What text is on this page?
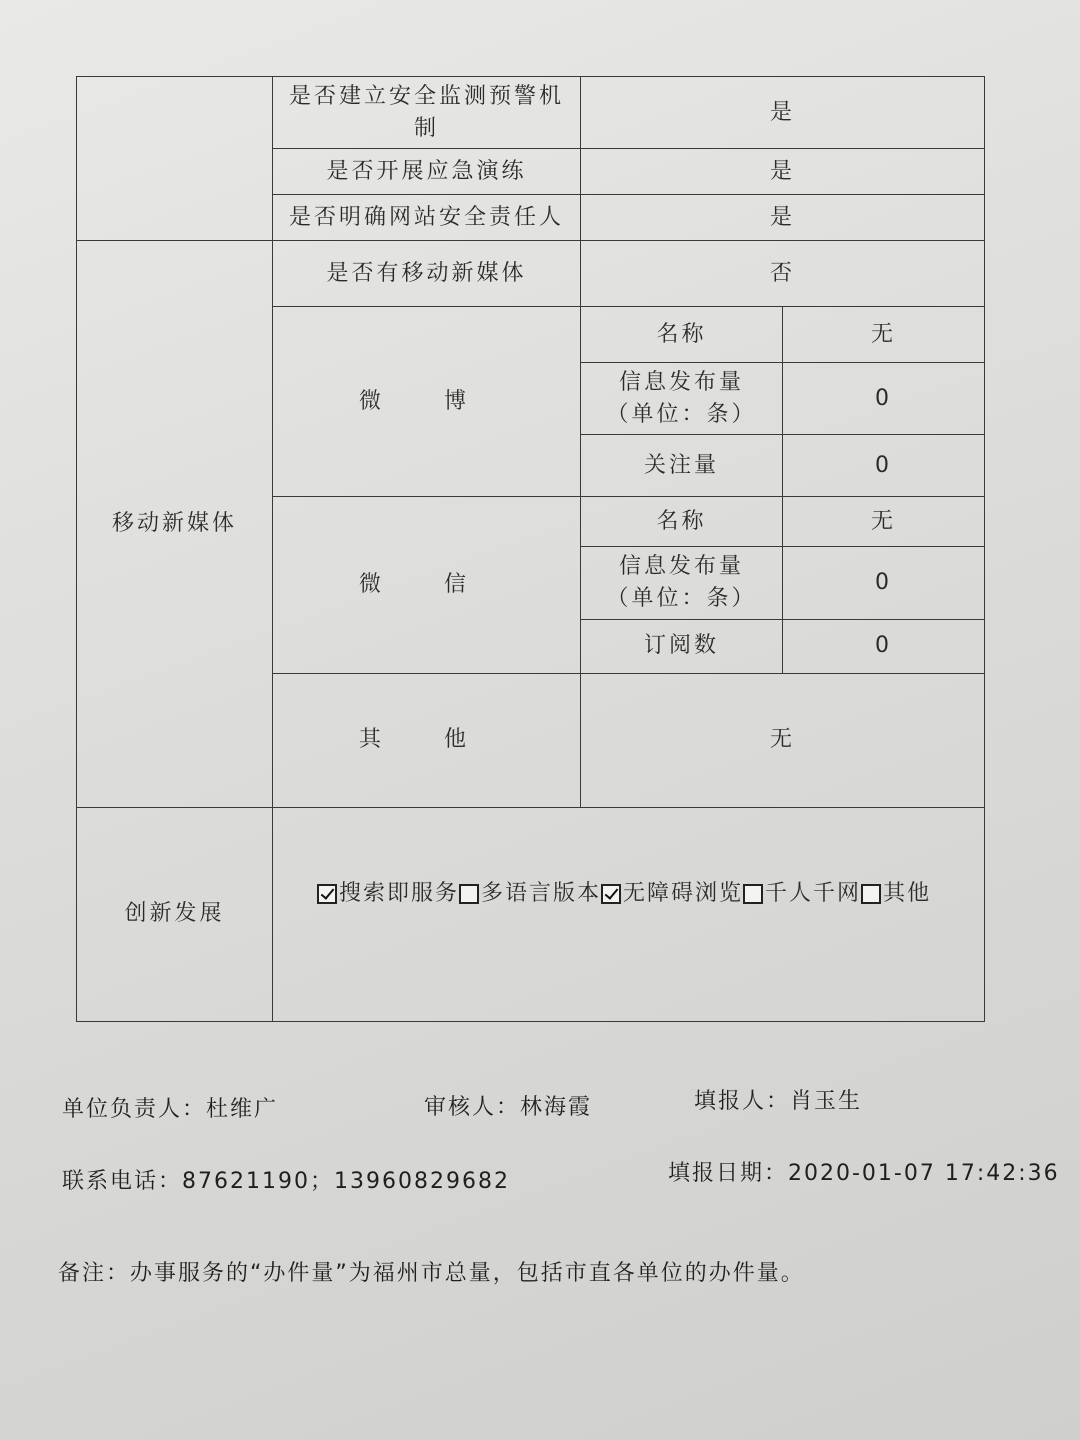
	是否建立安全监测预警机制	是	
	是否开展应急演练	是	
	是否明确网站安全责任人	是	
移动新媒体	是否有移动新媒体	否	
	微 博	名称	无
		信息发布量
（单位：条）	0
		关注量	0
	微 信	名称	无
		信息发布量
（单位：条）	0
		订阅数	0
	其 他	无	
创新发展	搜索即服务 多语言版本 无障碍浏览 千人千网 其他		
单位负责人：杜维广	审核人：林海霞	填报人：肖玉生
联系电话：87621190；13960829682	填报日期：2020-01-07 17:42:36
备注：办事服务的“办件量”为福州市总量，包括市直各单位的办件量。
